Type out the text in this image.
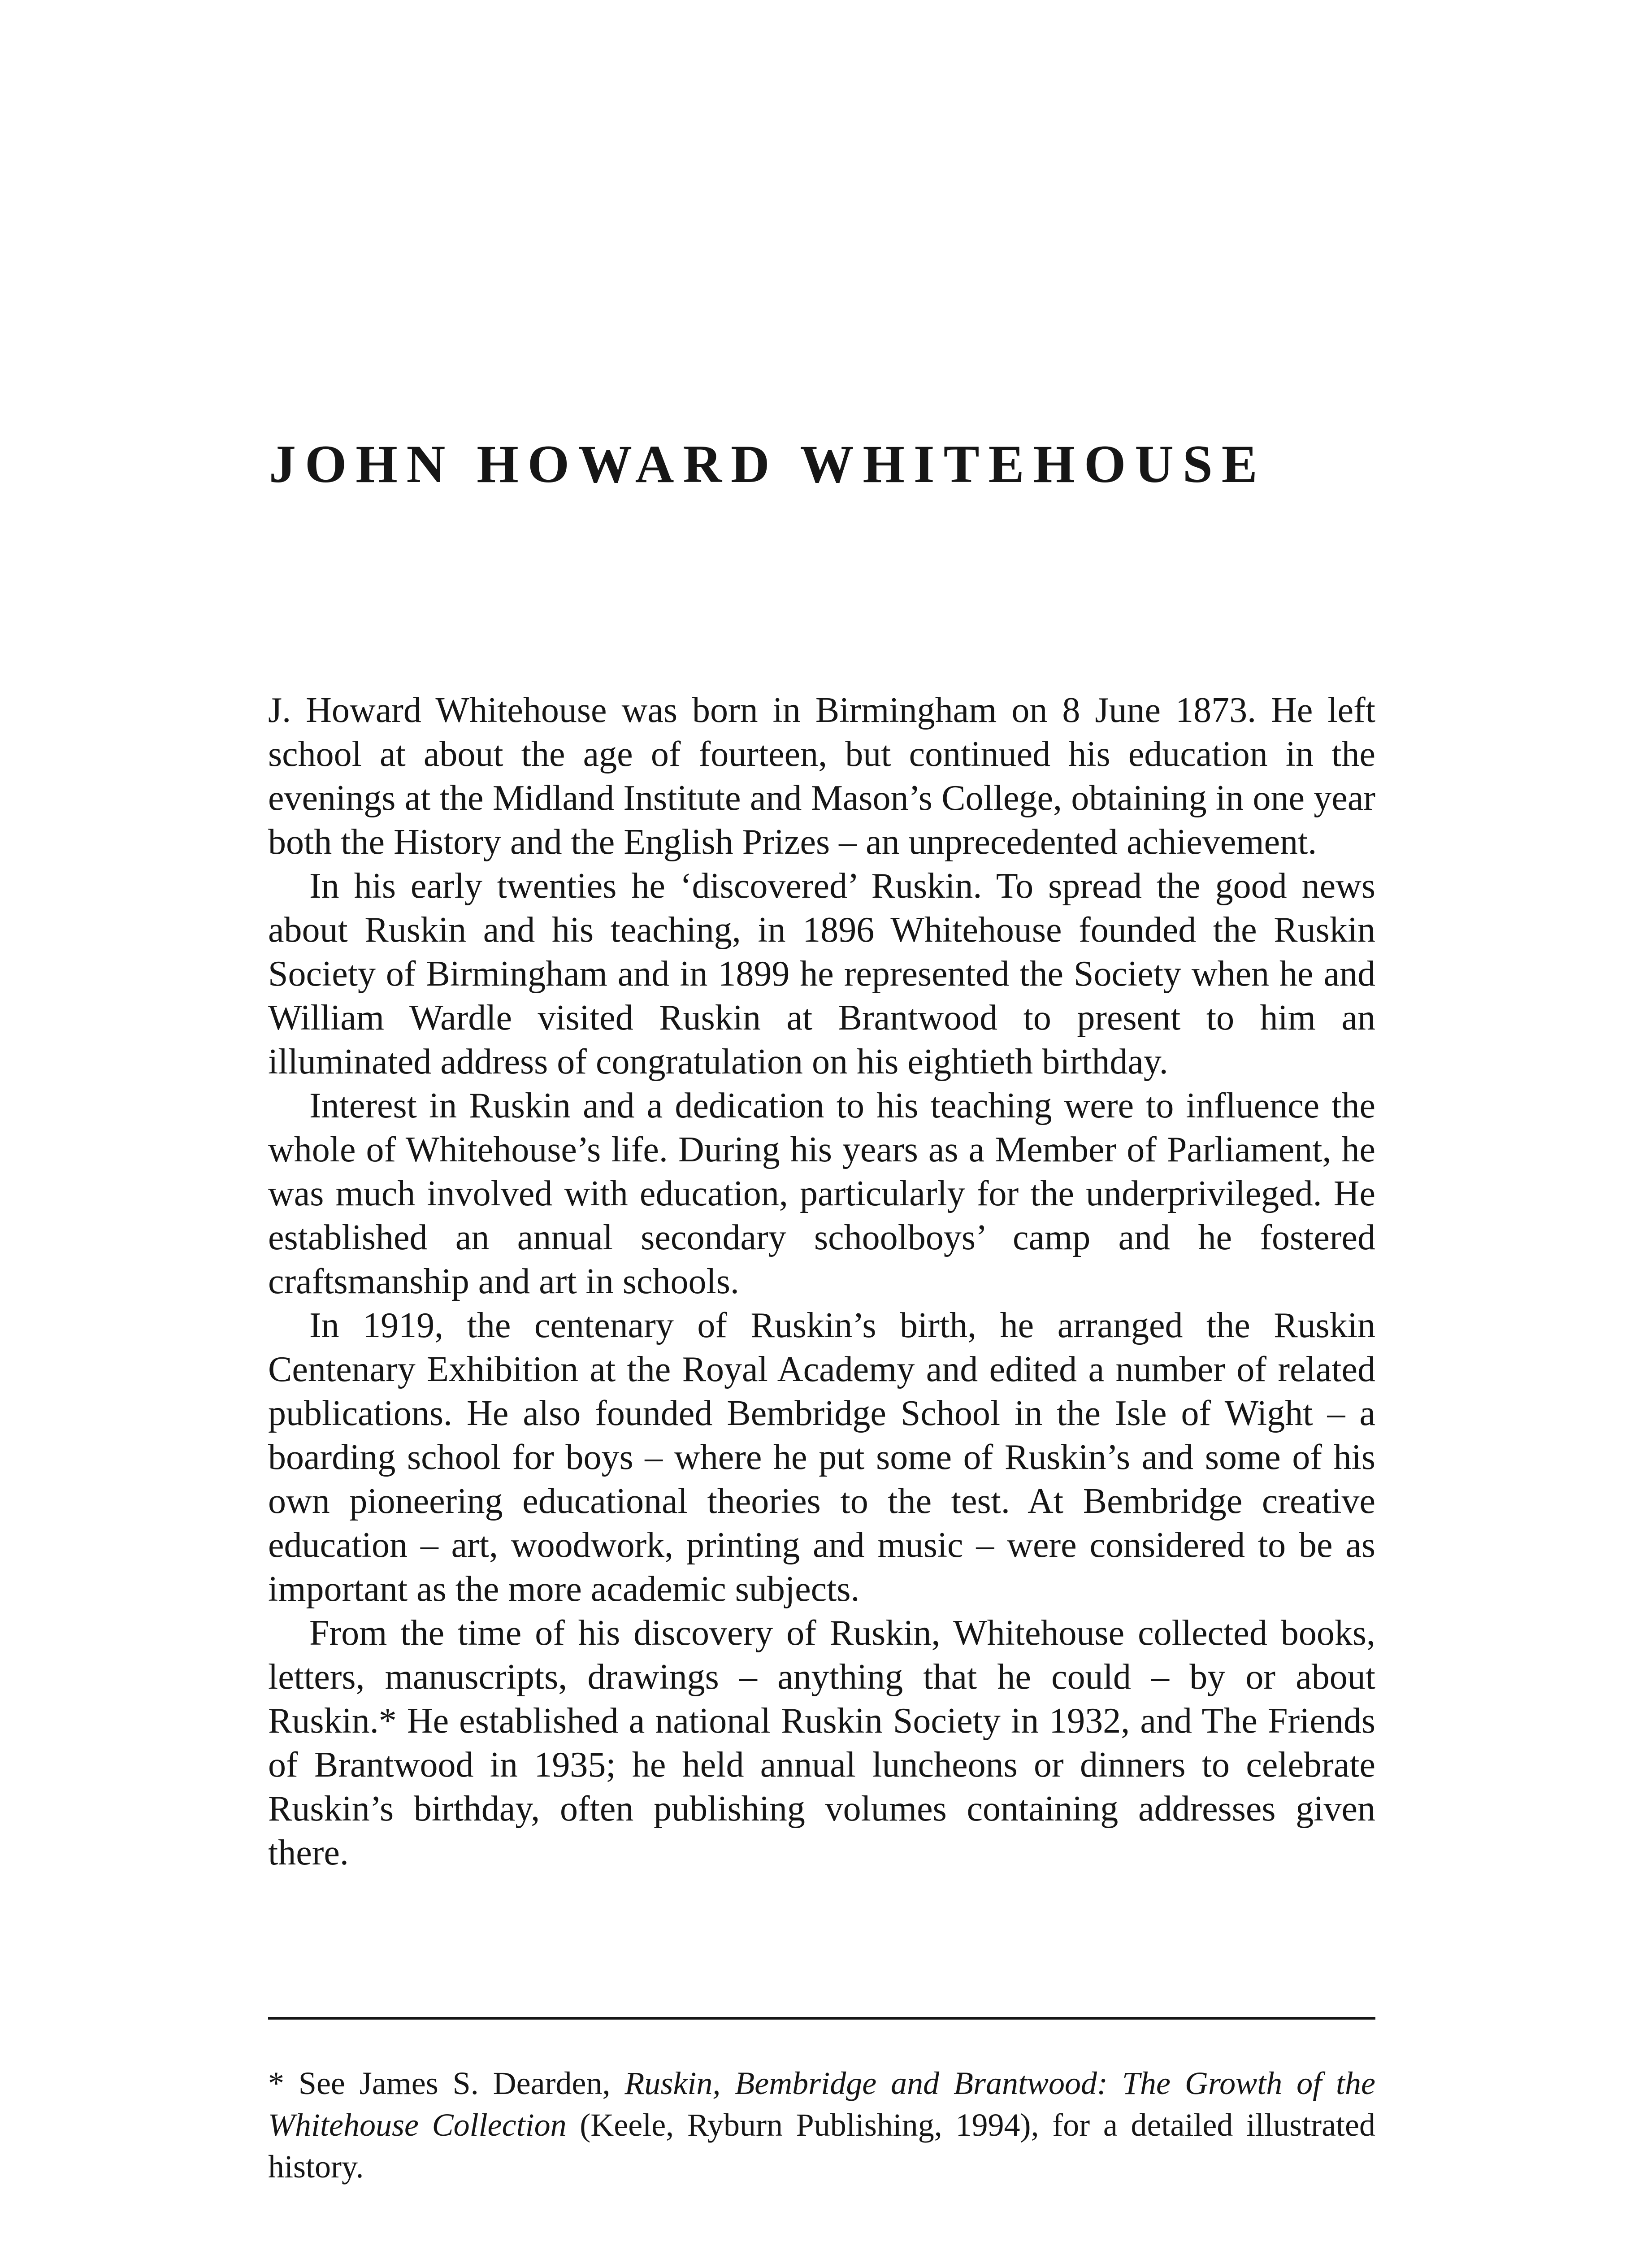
JOHN HOWARD WHITEHOUSE

J. Howard Whitehouse was born in Birmingham on 8 June 1873. He left school at about the age of fourteen, but continued his education in the evenings at the Midland Institute and Mason’s College, obtaining in one year both the History and the English Prizes – an unprecedented achievement.

In his early twenties he ‘discovered’ Ruskin. To spread the good news about Ruskin and his teaching, in 1896 Whitehouse founded the Ruskin Society of Birmingham and in 1899 he represented the Society when he and William Wardle visited Ruskin at Brantwood to present to him an illuminated address of congratulation on his eightieth birthday.

Interest in Ruskin and a dedication to his teaching were to influence the whole of Whitehouse’s life. During his years as a Member of Parliament, he was much involved with education, particularly for the underprivileged. He established an annual secondary schoolboys’ camp and he fostered craftsmanship and art in schools.

In 1919, the centenary of Ruskin’s birth, he arranged the Ruskin Centenary Exhibition at the Royal Academy and edited a number of related publications. He also founded Bembridge School in the Isle of Wight – a boarding school for boys – where he put some of Ruskin’s and some of his own pioneering educational theories to the test. At Bembridge creative education – art, woodwork, printing and music – were considered to be as important as the more academic subjects.

From the time of his discovery of Ruskin, Whitehouse collected books, letters, manuscripts, drawings – anything that he could – by or about Ruskin.* He established a national Ruskin Society in 1932, and The Friends of Brantwood in 1935; he held annual luncheons or dinners to celebrate Ruskin’s birthday, often publishing volumes containing addresses given there.

* See James S. Dearden, Ruskin, Bembridge and Brantwood: The Growth of the Whitehouse Collection (Keele, Ryburn Publishing, 1994), for a detailed illustrated history.
